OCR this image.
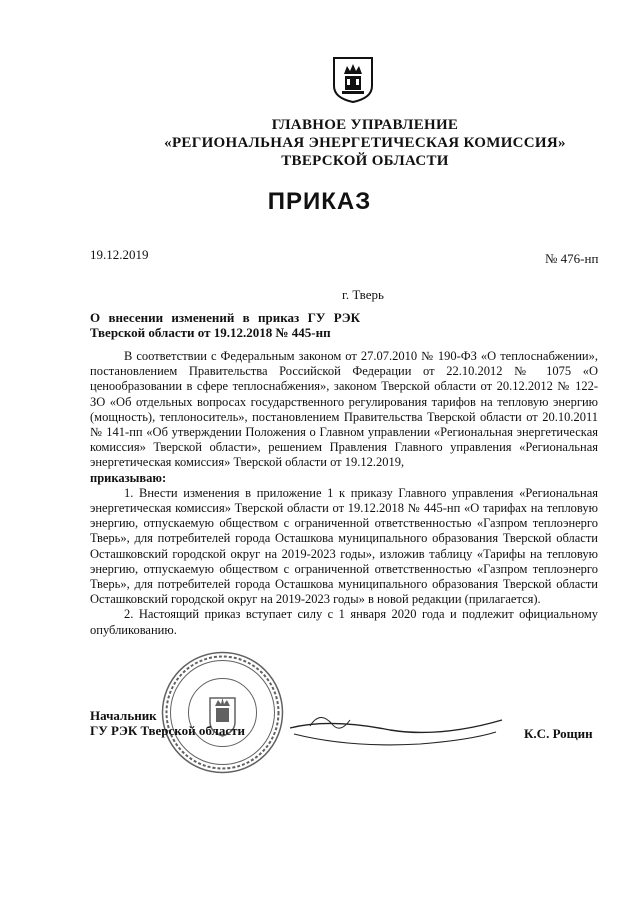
ГЛАВНОЕ УПРАВЛЕНИЕ
«РЕГИОНАЛЬНАЯ ЭНЕРГЕТИЧЕСКАЯ КОМИССИЯ»
ТВЕРСКОЙ ОБЛАСТИ
ПРИКАЗ
19.12.2019	№ 476-нп
г. Тверь
О внесении изменений в приказ ГУ РЭК
Тверской области от 19.12.2018 № 445-нп

В соответствии с Федеральным законом от 27.07.2010 № 190-ФЗ «О теплоснабжении», постановлением Правительства Российской Федерации от 22.10.2012 № 1075 «О ценообразовании в сфере теплоснабжения», законом Тверской области от 20.12.2012 № 122-ЗО «Об отдельных вопросах государственного регулирования тарифов на тепловую энергию (мощность), теплоноситель», постановлением Правительства Тверской области от 20.10.2011 № 141-пп «Об утверждении Положения о Главном управлении «Региональная энергетическая комиссия» Тверской области», решением Правления Главного управления «Региональная энергетическая комиссия» Тверской области от 19.12.2019,

приказываю:

1. Внести изменения в приложение 1 к приказу Главного управления «Региональная энергетическая комиссия» Тверской области от 19.12.2018 № 445-нп «О тарифах на тепловую энергию, отпускаемую обществом с ограниченной ответственностью «Газпром теплоэнерго Тверь», для потребителей города Осташкова муниципального образования Тверской области Осташковский городской округ на 2019-2023 годы», изложив таблицу «Тарифы на тепловую энергию, отпускаемую обществом с ограниченной ответственностью «Газпром теплоэнерго Тверь», для потребителей города Осташкова муниципального образования Тверской области Осташковский городской округ на 2019-2023 годы» в новой редакции (прилагается).

2. Настоящий приказ вступает силу с 1 января 2020 года и подлежит официальному опубликованию.

Начальник
ГУ РЭК Тверской области	К.С. Рощин
